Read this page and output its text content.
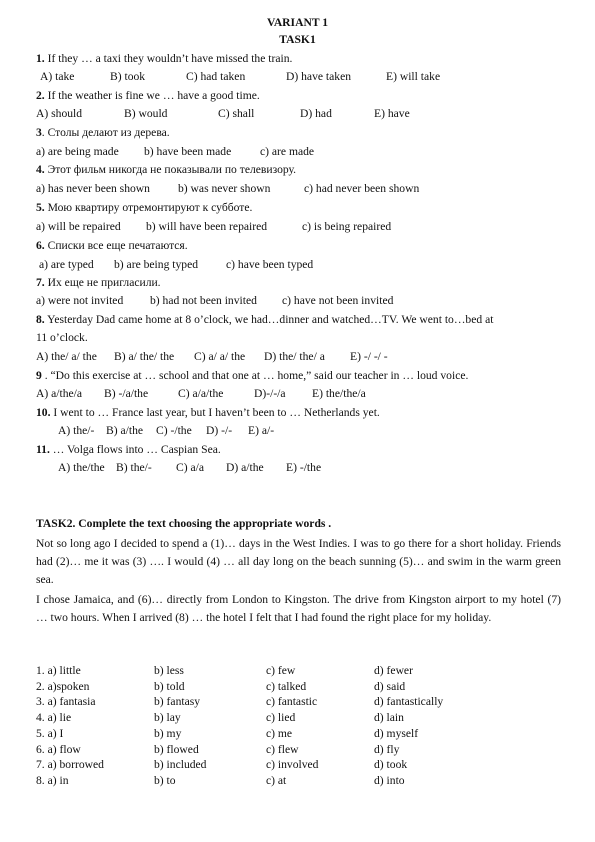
VARIANT 1
TASK1
1. If they … a taxi they wouldn’t have missed the train.
A) take	B) took	C) had taken	D) have taken	E) will take
2. If the weather is fine we … have a good time.
A) should	B) would	C) shall	D) had	E) have
3. Столы делают из дерева.
a) are being made b) have been made c) are made
4. Этот фильм никогда не показывали по телевизору.
a) has never been shown b) was never shown	c) had never been shown
5. Мою квартиру отремонтируют к субботе.
a) will be repaired b) will have been repaired	c) is being repaired
6. Списки все еще печатаются.
a) are typed b) are being typed c) have been typed
7. Их еще не пригласили.
a) were not invited b) had not been invited c) have not been invited
8. Yesterday Dad came home at 8 o’clock, we had…dinner and watched…TV. We went to…bed at
11 o’clock.
A) the/ a/ the B) a/ the/ the C) a/ a/ the D) the/ the/ a E) -/ -/ -
9 . “Do this exercise at … school and that one at … home,” said our teacher in … loud voice.
A) a/the/a B) -/a/the	C) a/a/the	D)-/-/a E) the/the/a
10. I went to … France last year, but I haven’t been to … Netherlands yet.
A) the/- B) a/the C) -/the D) -/- E) a/-
11. … Volga flows into … Caspian Sea.
A) the/the B) the/- C) a/a D) a/the E) -/the
TASK2. Complete the text choosing the appropriate words .
Not so long ago I decided to spend a (1)… days in the West Indies. I was to go there for a short holiday. Friends had (2)… me it was (3) …. I would (4) … all day long on the beach sunning (5)… and swim in the warm green sea.
I chose Jamaica, and (6)… directly from London to Kingston. The drive from Kingston airport to my hotel (7) … two hours. When I arrived (8) … the hotel I felt that I had found the right place for my holiday.
1. a) little	b) less	c) few	d) fewer
2. a)spoken	b) told	c) talked	d) said
3. a) fantasia	b) fantasy	c) fantastic	d) fantastically
4. a) lie	b) lay	c) lied	d) lain
5. a) I	b) my	c) me	d) myself
6. a) flow	b) flowed	c) flew	d) fly
7. a) borrowed	b) included	c) involved	d) took
8. a) in	b) to	c) at	d) into
